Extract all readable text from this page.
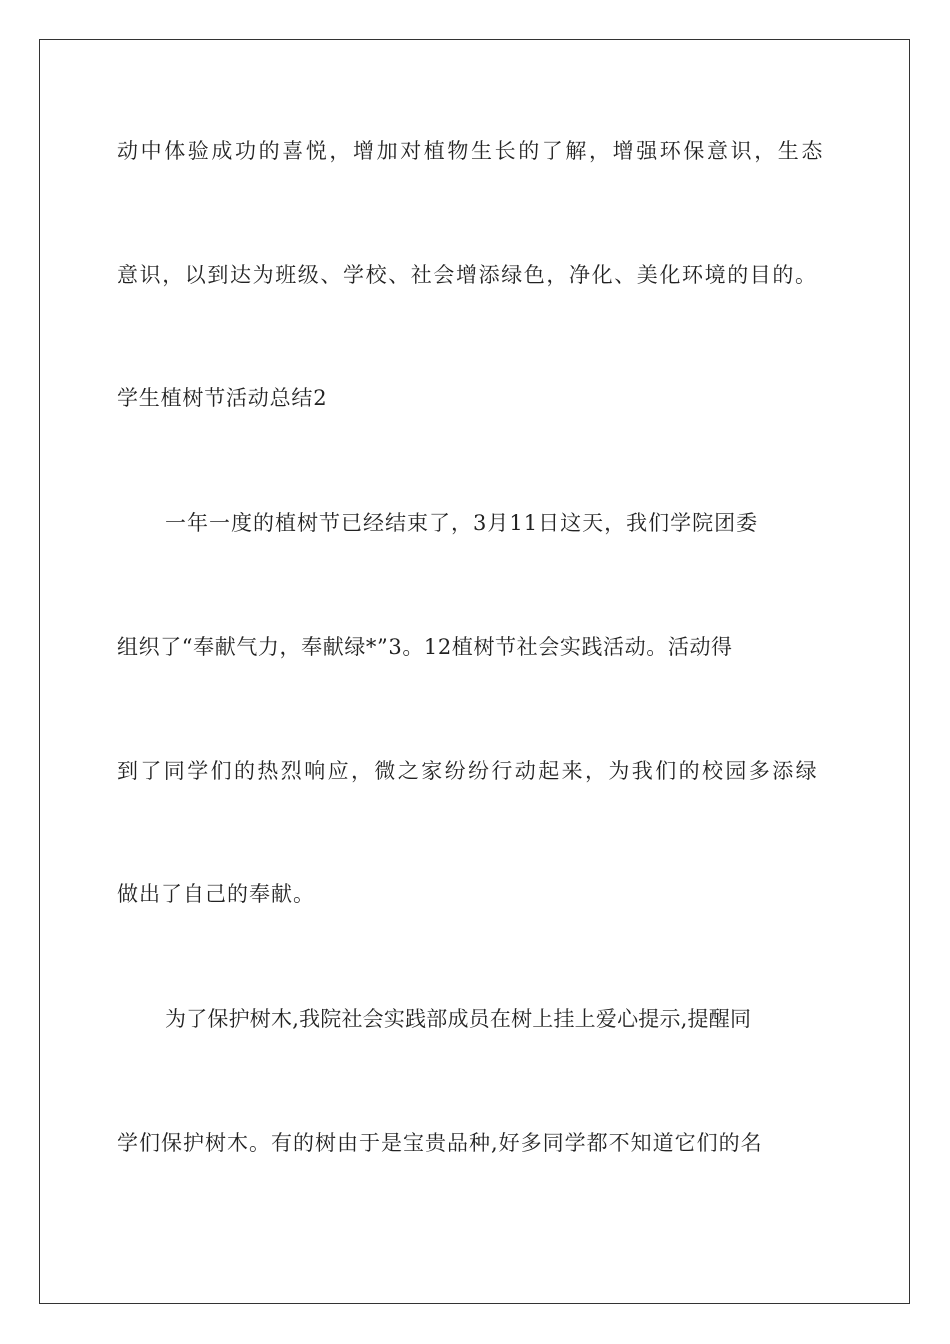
动中体验成功的喜悦，增加对植物生长的了解，增强环保意识，生态
意识，以到达为班级、学校、社会增添绿色，净化、美化环境的目的。
学生植树节活动总结2
一年一度的植树节已经结束了，3月11日这天，我们学院团委
组织了“奉献气力，奉献绿*”3。12植树节社会实践活动。活动得
到了同学们的热烈响应，微之家纷纷行动起来，为我们的校园多添绿
做出了自己的奉献。
为了保护树木,我院社会实践部成员在树上挂上爱心提示,提醒同
学们保护树木。有的树由于是宝贵品种,好多同学都不知道它们的名
